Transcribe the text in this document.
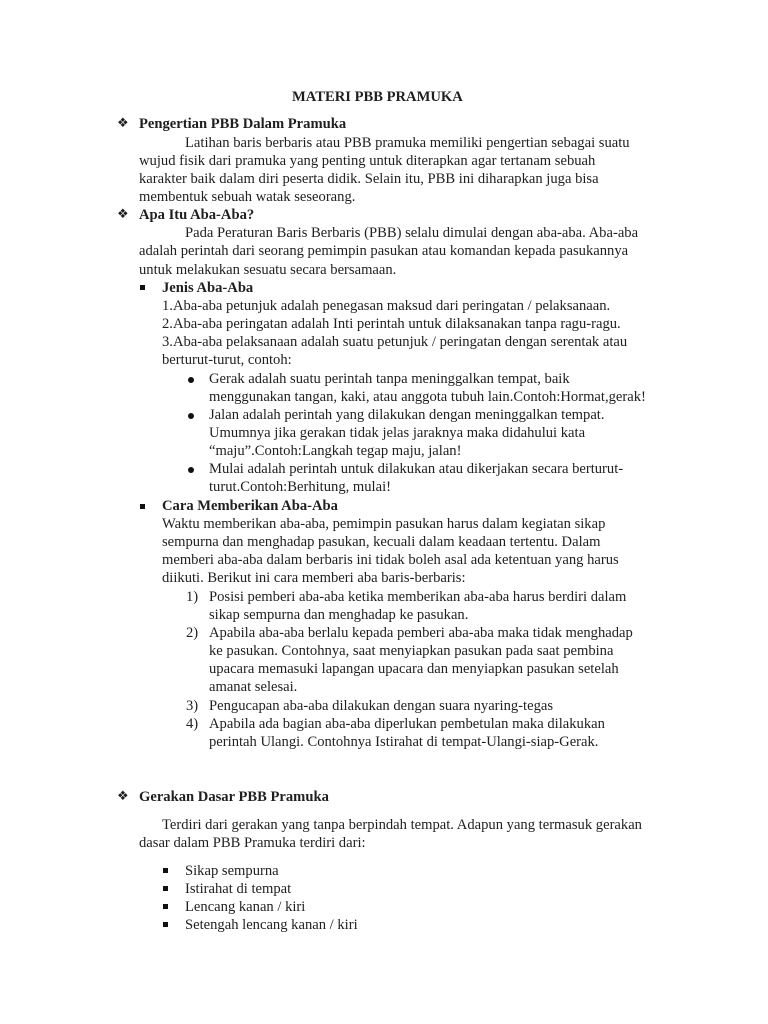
MATERI PBB PRAMUKA
❖ Pengertian PBB Dalam Pramuka
Latihan baris berbaris atau PBB pramuka memiliki pengertian sebagai suatu
wujud fisik dari pramuka yang penting untuk diterapkan agar tertanam sebuah
karakter baik dalam diri peserta didik. Selain itu, PBB ini diharapkan juga bisa
membentuk sebuah watak seseorang.
❖ Apa Itu Aba-Aba?
Pada Peraturan Baris Berbaris (PBB) selalu dimulai dengan aba-aba. Aba-aba
adalah perintah dari seorang pemimpin pasukan atau komandan kepada pasukannya
untuk melakukan sesuatu secara bersamaan.
Jenis Aba-Aba
1.Aba-aba petunjuk adalah penegasan maksud dari peringatan / pelaksanaan.
2.Aba-aba peringatan adalah Inti perintah untuk dilaksanakan tanpa ragu-ragu.
3.Aba-aba pelaksanaan adalah suatu petunjuk / peringatan dengan serentak atau
berturut-turut, contoh:
Gerak adalah suatu perintah tanpa meninggalkan tempat, baik
menggunakan tangan, kaki, atau anggota tubuh lain.Contoh:Hormat,gerak!
Jalan adalah perintah yang dilakukan dengan meninggalkan tempat.
Umumnya jika gerakan tidak jelas jaraknya maka didahului kata
“maju”.Contoh:Langkah tegap maju, jalan!
Mulai adalah perintah untuk dilakukan atau dikerjakan secara berturut-
turut.Contoh:Berhitung, mulai!
Cara Memberikan Aba-Aba
Waktu memberikan aba-aba, pemimpin pasukan harus dalam kegiatan sikap
sempurna dan menghadap pasukan, kecuali dalam keadaan tertentu. Dalam
memberi aba-aba dalam berbaris ini tidak boleh asal ada ketentuan yang harus
diikuti. Berikut ini cara memberi aba baris-berbaris:
1) Posisi pemberi aba-aba ketika memberikan aba-aba harus berdiri dalam
sikap sempurna dan menghadap ke pasukan.
2) Apabila aba-aba berlalu kepada pemberi aba-aba maka tidak menghadap
ke pasukan. Contohnya, saat menyiapkan pasukan pada saat pembina
upacara memasuki lapangan upacara dan menyiapkan pasukan setelah
amanat selesai.
3) Pengucapan aba-aba dilakukan dengan suara nyaring-tegas
4) Apabila ada bagian aba-aba diperlukan pembetulan maka dilakukan
perintah Ulangi. Contohnya Istirahat di tempat-Ulangi-siap-Gerak.
❖ Gerakan Dasar PBB Pramuka
Terdiri dari gerakan yang tanpa berpindah tempat. Adapun yang termasuk gerakan
dasar dalam PBB Pramuka terdiri dari:
Sikap sempurna
Istirahat di tempat
Lencang kanan / kiri
Setengah lencang kanan / kiri
